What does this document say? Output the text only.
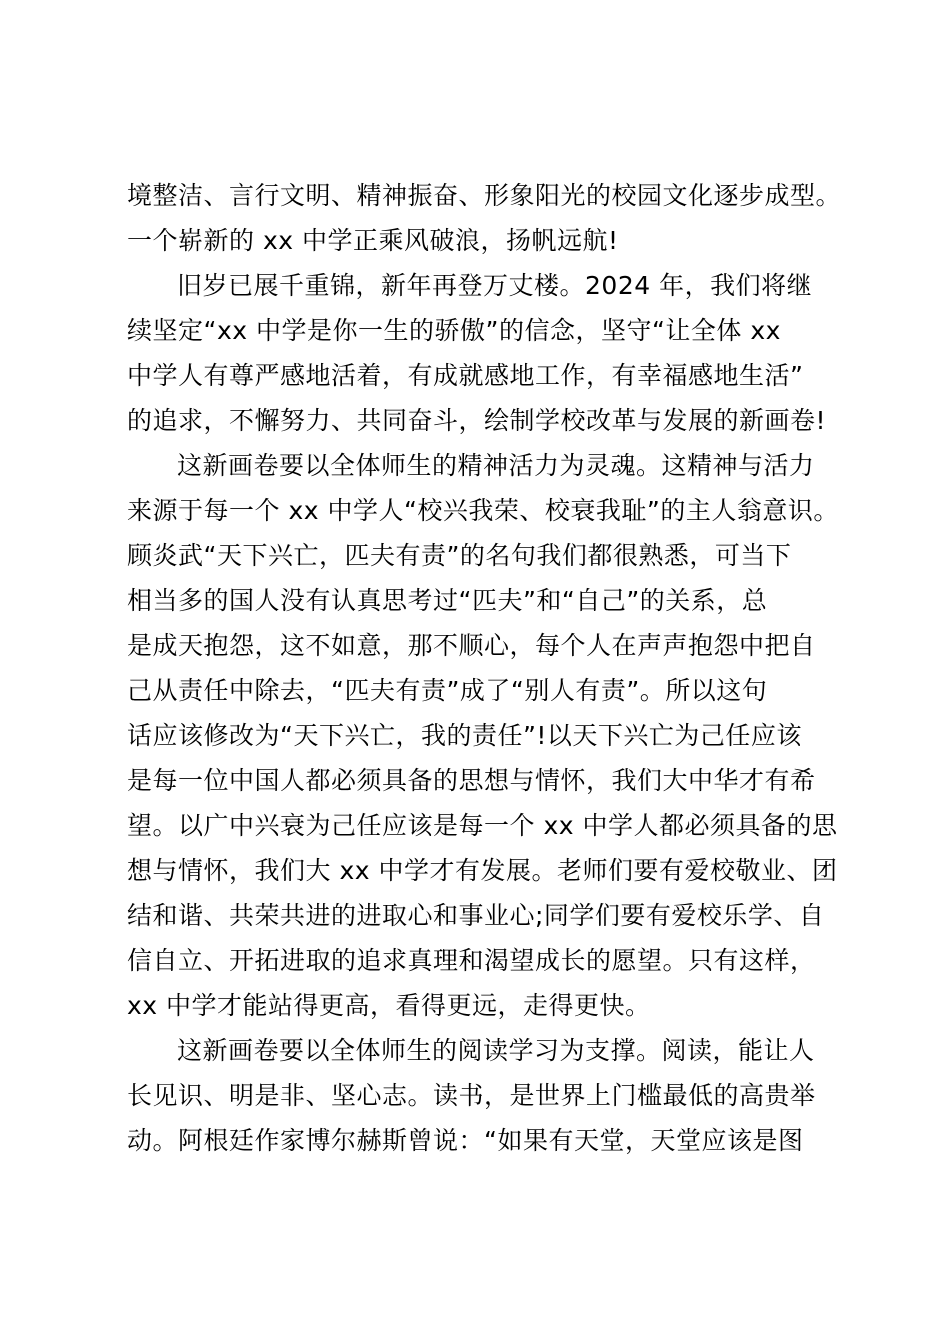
境整洁、言行文明、精神振奋、形象阳光的校园文化逐步成型。
一个崭新的 xx 中学正乘风破浪，扬帆远航!
旧岁已展千重锦，新年再登万丈楼。2024 年，我们将继
续坚定“xx 中学是你一生的骄傲”的信念，坚守“让全体 xx
中学人有尊严感地活着，有成就感地工作，有幸福感地生活”
的追求，不懈努力、共同奋斗，绘制学校改革与发展的新画卷!
这新画卷要以全体师生的精神活力为灵魂。这精神与活力
来源于每一个 xx 中学人“校兴我荣、校衰我耻”的主人翁意识。
顾炎武“天下兴亡，匹夫有责”的名句我们都很熟悉，可当下
相当多的国人没有认真思考过“匹夫”和“自己”的关系，总
是成天抱怨，这不如意，那不顺心，每个人在声声抱怨中把自
己从责任中除去，“匹夫有责”成了“别人有责”。所以这句
话应该修改为“天下兴亡，我的责任”!以天下兴亡为己任应该
是每一位中国人都必须具备的思想与情怀，我们大中华才有希
望。以广中兴衰为己任应该是每一个 xx 中学人都必须具备的思
想与情怀，我们大 xx 中学才有发展。老师们要有爱校敬业、团
结和谐、共荣共进的进取心和事业心;同学们要有爱校乐学、自
信自立、开拓进取的追求真理和渴望成长的愿望。只有这样，
xx 中学才能站得更高，看得更远，走得更快。
这新画卷要以全体师生的阅读学习为支撑。阅读，能让人
长见识、明是非、坚心志。读书，是世界上门槛最低的高贵举
动。阿根廷作家博尔赫斯曾说：“如果有天堂，天堂应该是图
